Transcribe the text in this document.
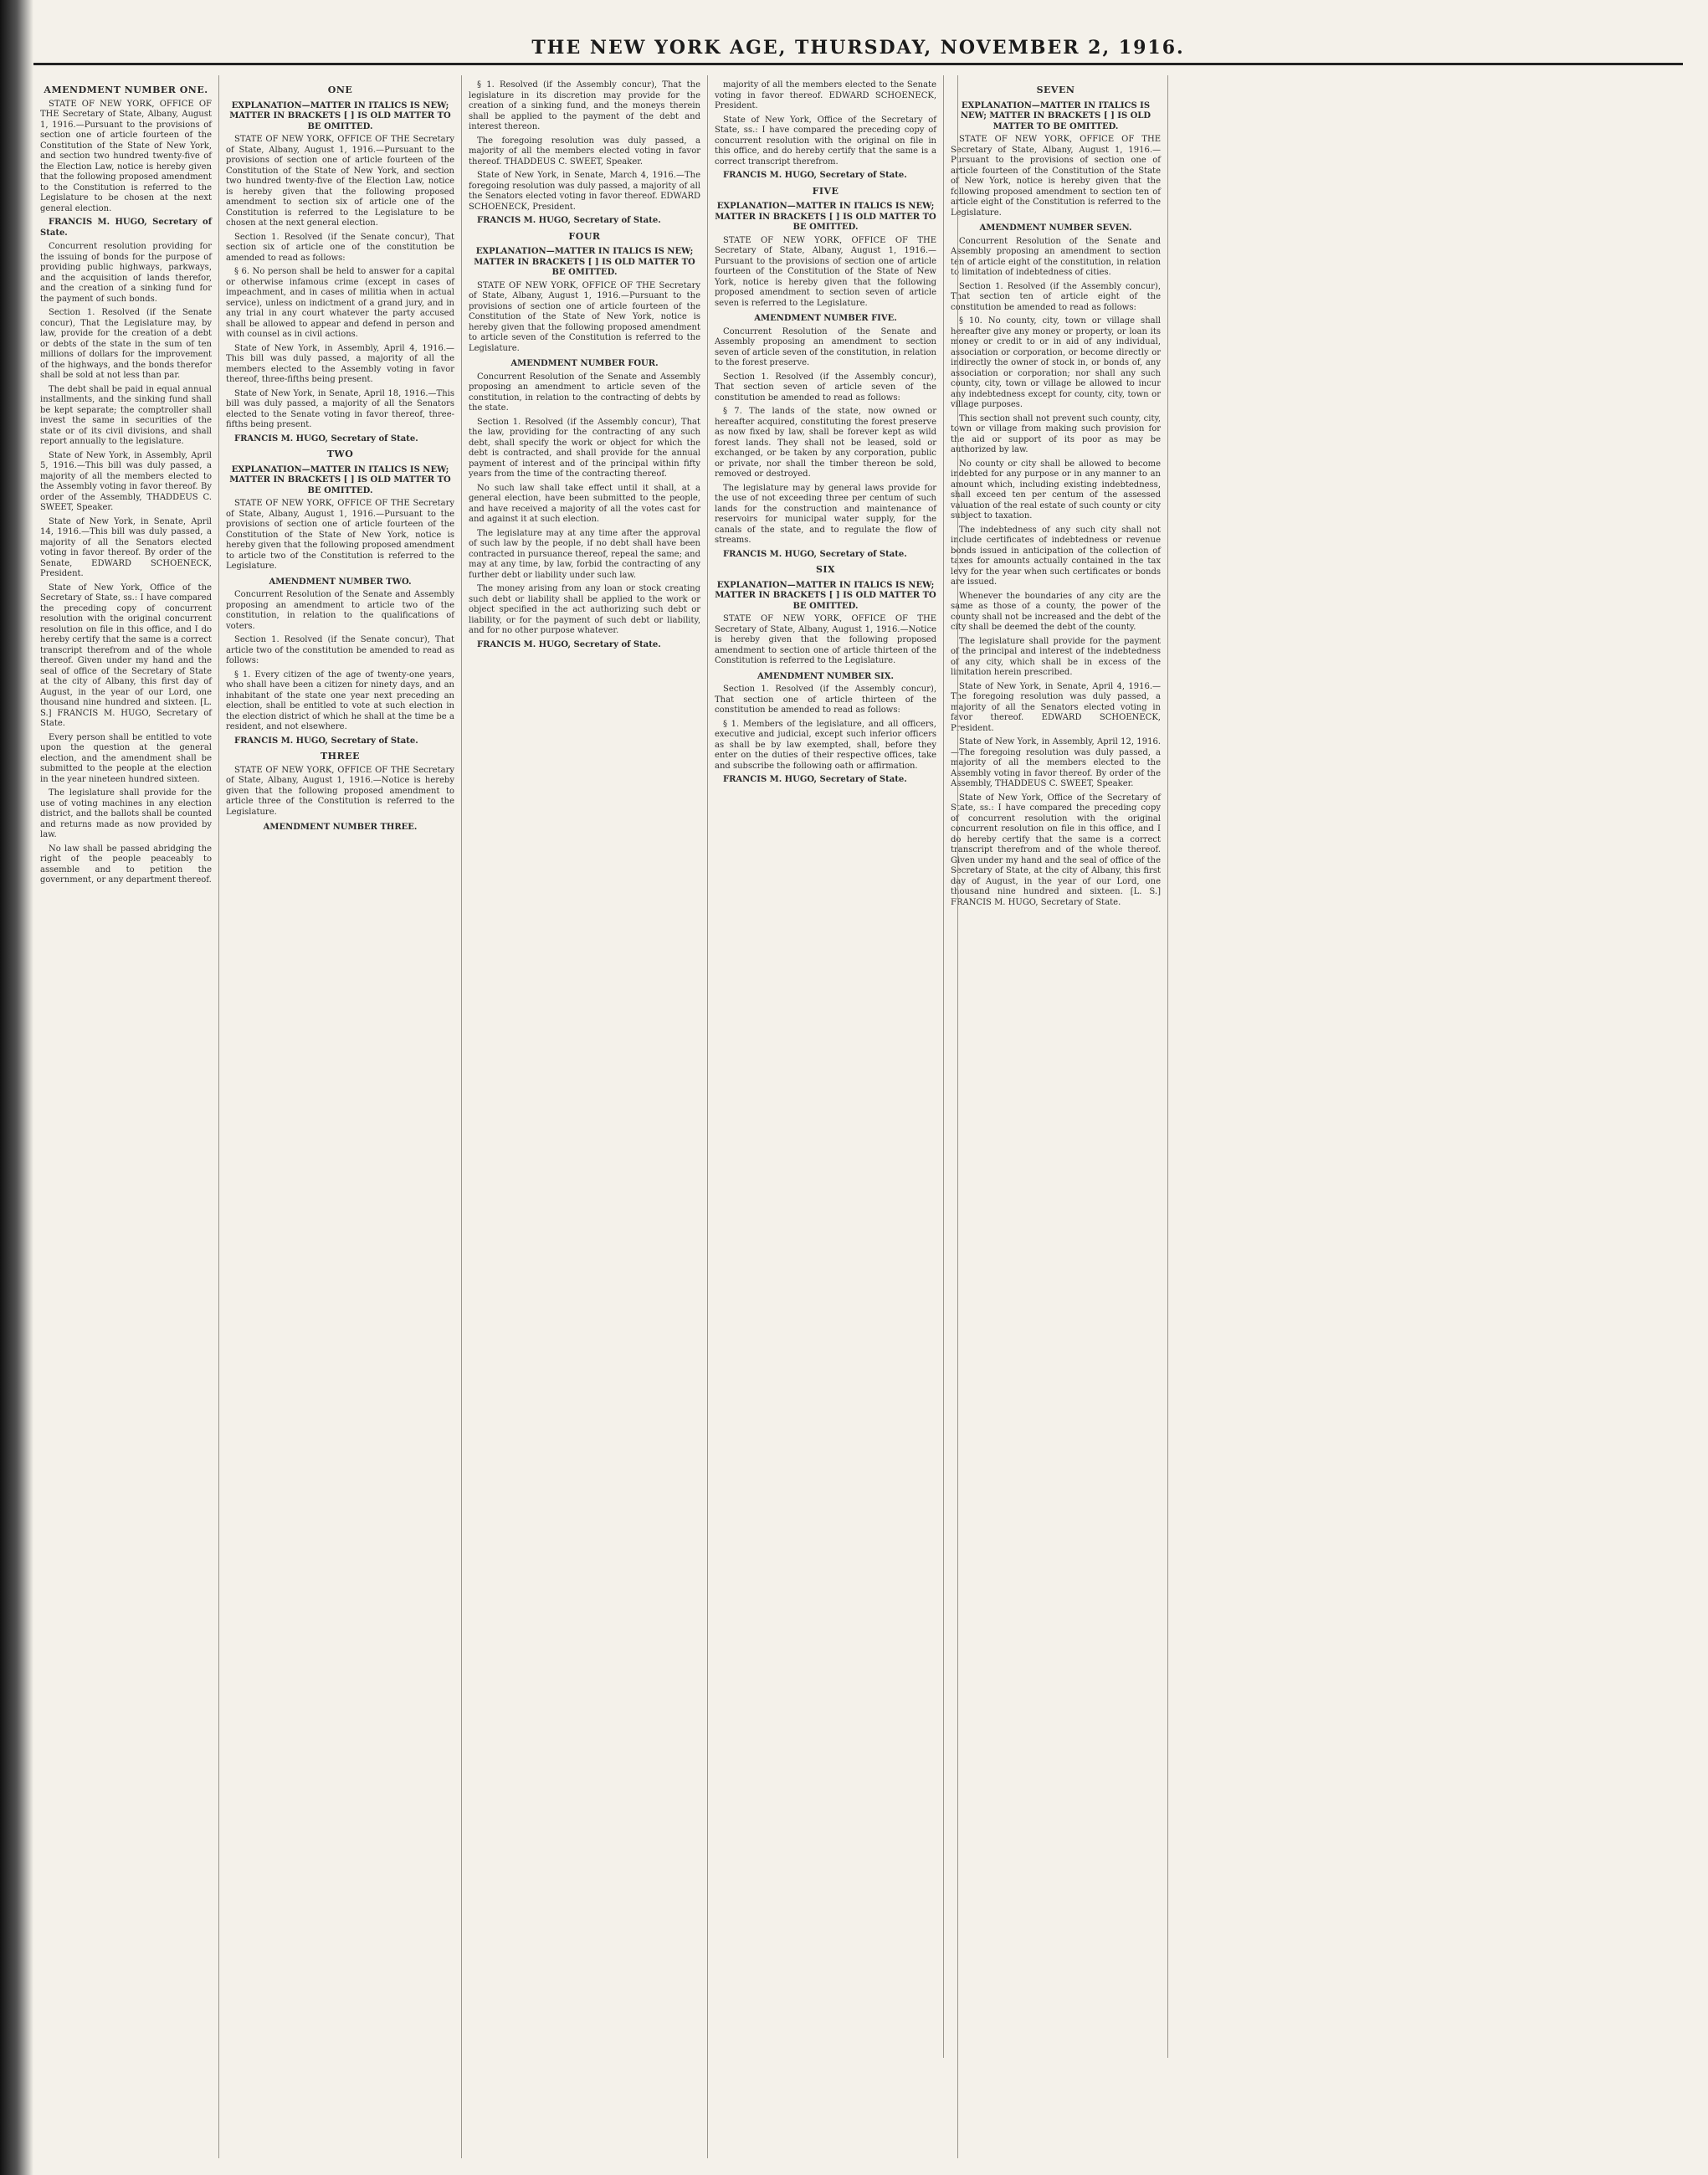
THE NEW YORK AGE, THURSDAY, NOVEMBER 2, 1916.
AMENDMENT NUMBER ONE.

STATE OF NEW YORK, OFFICE OF THE Secretary of State, Albany, August 1, 1916.—Pursuant to the provisions of section one of article fourteen of the Constitution of the State of New York, and section two hundred twenty-five of the Election Law, notice is hereby given that the following proposed amendment to the Constitution is referred to the Legislature to be chosen at the next general election.

FRANCIS M. HUGO, Secretary of State.

Concurrent resolution providing for the issuing of bonds for the purpose of providing public highways, parkways, and the acquisition of lands therefor, and the creation of a sinking fund for the payment of such bonds.

Section 1. Resolved (if the Senate concur), That the Legislature may, by law, provide for the creation of a debt or debts of the state in the sum of ten millions of dollars for the improvement of the highways, and the bonds therefor shall be sold at not less than par.

The debt shall be paid in equal annual installments, and the sinking fund shall be kept separate; the comptroller shall invest the same in securities of the state or of its civil divisions, and shall report annually to the legislature.

State of New York, in Assembly, April 5, 1916.—This bill was duly passed, a majority of all the members elected to the Assembly voting in favor thereof. By order of the Assembly, THADDEUS C. SWEET, Speaker.

State of New York, in Senate, April 14, 1916.—This bill was duly passed, a majority of all the Senators elected voting in favor thereof. By order of the Senate, EDWARD SCHOENECK, President.

State of New York, Office of the Secretary of State, ss.: I have compared the preceding copy of concurrent resolution with the original concurrent resolution on file in this office, and I do hereby certify that the same is a correct transcript therefrom and of the whole thereof. Given under my hand and the seal of office of the Secretary of State at the city of Albany, this first day of August, in the year of our Lord, one thousand nine hundred and sixteen. [L. S.] FRANCIS M. HUGO, Secretary of State.

Every person shall be entitled to vote upon the question at the general election, and the amendment shall be submitted to the people at the election in the year nineteen hundred sixteen.

The legislature shall provide for the use of voting machines in any election district, and the ballots shall be counted and returns made as now provided by law.

No law shall be passed abridging the right of the people peaceably to assemble and to petition the government, or any department thereof.

ONE
EXPLANATION—MATTER IN ITALICS IS NEW; MATTER IN BRACKETS [ ] IS OLD MATTER TO BE OMITTED.

STATE OF NEW YORK, OFFICE OF THE Secretary of State, Albany, August 1, 1916.—Pursuant to the provisions of section one of article fourteen of the Constitution of the State of New York, and section two hundred twenty-five of the Election Law, notice is hereby given that the following proposed amendment to section six of article one of the Constitution is referred to the Legislature to be chosen at the next general election.

Section 1. Resolved (if the Senate concur), That section six of article one of the constitution be amended to read as follows:

§ 6. No person shall be held to answer for a capital or otherwise infamous crime (except in cases of impeachment, and in cases of militia when in actual service), unless on indictment of a grand jury, and in any trial in any court whatever the party accused shall be allowed to appear and defend in person and with counsel as in civil actions.

State of New York, in Assembly, April 4, 1916.—This bill was duly passed, a majority of all the members elected to the Assembly voting in favor thereof, three-fifths being present.

State of New York, in Senate, April 18, 1916.—This bill was duly passed, a majority of all the Senators elected to the Senate voting in favor thereof, three-fifths being present.

FRANCIS M. HUGO, Secretary of State.

TWO
EXPLANATION—MATTER IN ITALICS IS NEW; MATTER IN BRACKETS [ ] IS OLD MATTER TO BE OMITTED.

STATE OF NEW YORK, OFFICE OF THE Secretary of State, Albany, August 1, 1916.—Pursuant to the provisions of section one of article fourteen of the Constitution of the State of New York, notice is hereby given that the following proposed amendment to article two of the Constitution is referred to the Legislature.

AMENDMENT NUMBER TWO.

Concurrent Resolution of the Senate and Assembly proposing an amendment to article two of the constitution, in relation to the qualifications of voters.

Section 1. Resolved (if the Senate concur), That article two of the constitution be amended to read as follows:

§ 1. Every citizen of the age of twenty-one years, who shall have been a citizen for ninety days, and an inhabitant of the state one year next preceding an election, shall be entitled to vote at such election in the election district of which he shall at the time be a resident, and not elsewhere.

FRANCIS M. HUGO, Secretary of State.

THREE

STATE OF NEW YORK, OFFICE OF THE Secretary of State, Albany, August 1, 1916.—Notice is hereby given that the following proposed amendment to article three of the Constitution is referred to the Legislature.

AMENDMENT NUMBER THREE.

§ 1. Resolved (if the Assembly concur), That the legislature in its discretion may provide for the creation of a sinking fund, and the moneys therein shall be applied to the payment of the debt and interest thereon.

The foregoing resolution was duly passed, a majority of all the members elected voting in favor thereof. THADDEUS C. SWEET, Speaker.

State of New York, in Senate, March 4, 1916.—The foregoing resolution was duly passed, a majority of all the Senators elected voting in favor thereof. EDWARD SCHOENECK, President.

FRANCIS M. HUGO, Secretary of State.

FOUR
EXPLANATION—MATTER IN ITALICS IS NEW; MATTER IN BRACKETS [ ] IS OLD MATTER TO BE OMITTED.

STATE OF NEW YORK, OFFICE OF THE Secretary of State, Albany, August 1, 1916.—Pursuant to the provisions of section one of article fourteen of the Constitution of the State of New York, notice is hereby given that the following proposed amendment to article seven of the Constitution is referred to the Legislature.

AMENDMENT NUMBER FOUR.

Concurrent Resolution of the Senate and Assembly proposing an amendment to article seven of the constitution, in relation to the contracting of debts by the state.

Section 1. Resolved (if the Assembly concur), That the law, providing for the contracting of any such debt, shall specify the work or object for which the debt is contracted, and shall provide for the annual payment of interest and of the principal within fifty years from the time of the contracting thereof.

No such law shall take effect until it shall, at a general election, have been submitted to the people, and have received a majority of all the votes cast for and against it at such election.

The legislature may at any time after the approval of such law by the people, if no debt shall have been contracted in pursuance thereof, repeal the same; and may at any time, by law, forbid the contracting of any further debt or liability under such law.

The money arising from any loan or stock creating such debt or liability shall be applied to the work or object specified in the act authorizing such debt or liability, or for the payment of such debt or liability, and for no other purpose whatever.

FRANCIS M. HUGO, Secretary of State.

majority of all the members elected to the Senate voting in favor thereof. EDWARD SCHOENECK, President.

State of New York, Office of the Secretary of State, ss.: I have compared the preceding copy of concurrent resolution with the original on file in this office, and do hereby certify that the same is a correct transcript therefrom.

FRANCIS M. HUGO, Secretary of State.

FIVE
EXPLANATION—MATTER IN ITALICS IS NEW; MATTER IN BRACKETS [ ] IS OLD MATTER TO BE OMITTED.

STATE OF NEW YORK, OFFICE OF THE Secretary of State, Albany, August 1, 1916.—Pursuant to the provisions of section one of article fourteen of the Constitution of the State of New York, notice is hereby given that the following proposed amendment to section seven of article seven is referred to the Legislature.

AMENDMENT NUMBER FIVE.

Concurrent Resolution of the Senate and Assembly proposing an amendment to section seven of article seven of the constitution, in relation to the forest preserve.

Section 1. Resolved (if the Assembly concur), That section seven of article seven of the constitution be amended to read as follows:

§ 7. The lands of the state, now owned or hereafter acquired, constituting the forest preserve as now fixed by law, shall be forever kept as wild forest lands. They shall not be leased, sold or exchanged, or be taken by any corporation, public or private, nor shall the timber thereon be sold, removed or destroyed.

The legislature may by general laws provide for the use of not exceeding three per centum of such lands for the construction and maintenance of reservoirs for municipal water supply, for the canals of the state, and to regulate the flow of streams.

FRANCIS M. HUGO, Secretary of State.

SIX
EXPLANATION—MATTER IN ITALICS IS NEW; MATTER IN BRACKETS [ ] IS OLD MATTER TO BE OMITTED.

STATE OF NEW YORK, OFFICE OF THE Secretary of State, Albany, August 1, 1916.—Notice is hereby given that the following proposed amendment to section one of article thirteen of the Constitution is referred to the Legislature.

AMENDMENT NUMBER SIX.

Section 1. Resolved (if the Assembly concur), That section one of article thirteen of the constitution be amended to read as follows:

§ 1. Members of the legislature, and all officers, executive and judicial, except such inferior officers as shall be by law exempted, shall, before they enter on the duties of their respective offices, take and subscribe the following oath or affirmation.

FRANCIS M. HUGO, Secretary of State.

SEVEN
EXPLANATION—MATTER IN ITALICS IS NEW; MATTER IN BRACKETS [ ] IS OLD MATTER TO BE OMITTED.

STATE OF NEW YORK, OFFICE OF THE Secretary of State, Albany, August 1, 1916.—Pursuant to the provisions of section one of article fourteen of the Constitution of the State of New York, notice is hereby given that the following proposed amendment to section ten of article eight of the Constitution is referred to the Legislature.

AMENDMENT NUMBER SEVEN.

Concurrent Resolution of the Senate and Assembly proposing an amendment to section ten of article eight of the constitution, in relation to limitation of indebtedness of cities.

Section 1. Resolved (if the Assembly concur), That section ten of article eight of the constitution be amended to read as follows:

§ 10. No county, city, town or village shall hereafter give any money or property, or loan its money or credit to or in aid of any individual, association or corporation, or become directly or indirectly the owner of stock in, or bonds of, any association or corporation; nor shall any such county, city, town or village be allowed to incur any indebtedness except for county, city, town or village purposes.

This section shall not prevent such county, city, town or village from making such provision for the aid or support of its poor as may be authorized by law.

No county or city shall be allowed to become indebted for any purpose or in any manner to an amount which, including existing indebtedness, shall exceed ten per centum of the assessed valuation of the real estate of such county or city subject to taxation.

The indebtedness of any such city shall not include certificates of indebtedness or revenue bonds issued in anticipation of the collection of taxes for amounts actually contained in the tax levy for the year when such certificates or bonds are issued.

Whenever the boundaries of any city are the same as those of a county, the power of the county shall not be increased and the debt of the city shall be deemed the debt of the county.

The legislature shall provide for the payment of the principal and interest of the indebtedness of any city, which shall be in excess of the limitation herein prescribed.

State of New York, in Senate, April 4, 1916.—The foregoing resolution was duly passed, a majority of all the Senators elected voting in favor thereof. EDWARD SCHOENECK, President.

State of New York, in Assembly, April 12, 1916.—The foregoing resolution was duly passed, a majority of all the members elected to the Assembly voting in favor thereof. By order of the Assembly, THADDEUS C. SWEET, Speaker.

State of New York, Office of the Secretary of State, ss.: I have compared the preceding copy of concurrent resolution with the original concurrent resolution on file in this office, and I do hereby certify that the same is a correct transcript therefrom and of the whole thereof. Given under my hand and the seal of office of the Secretary of State, at the city of Albany, this first day of August, in the year of our Lord, one thousand nine hundred and sixteen. [L. S.] FRANCIS M. HUGO, Secretary of State.
